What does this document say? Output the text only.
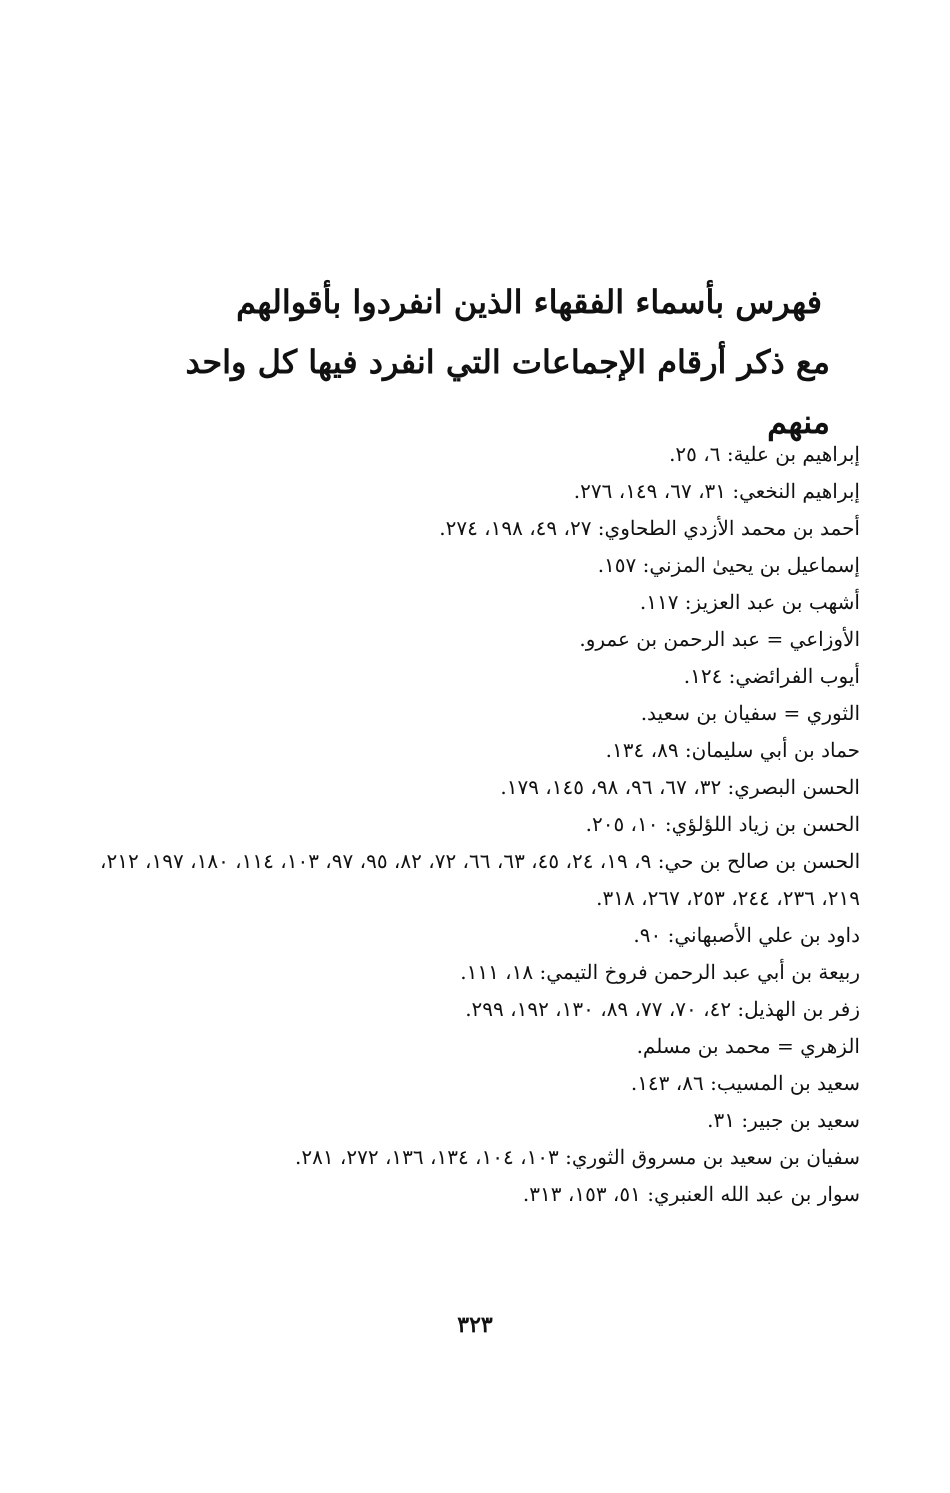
فهرس بأسماء الفقهاء الذين انفردوا بأقوالهم
مع ذكر أرقام الإجماعات التي انفرد فيها كل واحد منهم
إبراهيم بن علية: ٦، ٢٥.
إبراهيم النخعي: ٣١، ٦٧، ١٤٩، ٢٧٦.
أحمد بن محمد الأزدي الطحاوي: ٢٧، ٤٩، ١٩٨، ٢٧٤.
إسماعيل بن يحيىٰ المزني: ١٥٧.
أشهب بن عبد العزيز: ١١٧.
الأوزاعي = عبد الرحمن بن عمرو.
أيوب الفرائضي: ١٢٤.
الثوري = سفيان بن سعيد.
حماد بن أبي سليمان: ٨٩، ١٣٤.
الحسن البصري: ٣٢، ٦٧، ٩٦، ٩٨، ١٤٥، ١٧٩.
الحسن بن زياد اللؤلؤي: ١٠، ٢٠٥.
الحسن بن صالح بن حي: ٩، ١٩، ٢٤، ٤٥، ٦٣، ٦٦، ٧٢، ٨٢، ٩٥، ٩٧، ١٠٣، ١١٤، ١٨٠، ١٩٧، ٢١٢، ٢١٩، ٢٣٦، ٢٤٤، ٢٥٣، ٢٦٧، ٣١٨.
داود بن علي الأصبهاني: ٩٠.
ربيعة بن أبي عبد الرحمن فروخ التيمي: ١٨، ١١١.
زفر بن الهذيل: ٤٢، ٧٠، ٧٧، ٨٩، ١٣٠، ١٩٢، ٢٩٩.
الزهري = محمد بن مسلم.
سعيد بن المسيب: ٨٦، ١٤٣.
سعيد بن جبير: ٣١.
سفيان بن سعيد بن مسروق الثوري: ١٠٣، ١٠٤، ١٣٤، ١٣٦، ٢٧٢، ٢٨١.
سوار بن عبد الله العنبري: ٥١، ١٥٣، ٣١٣.
٣٢٣
